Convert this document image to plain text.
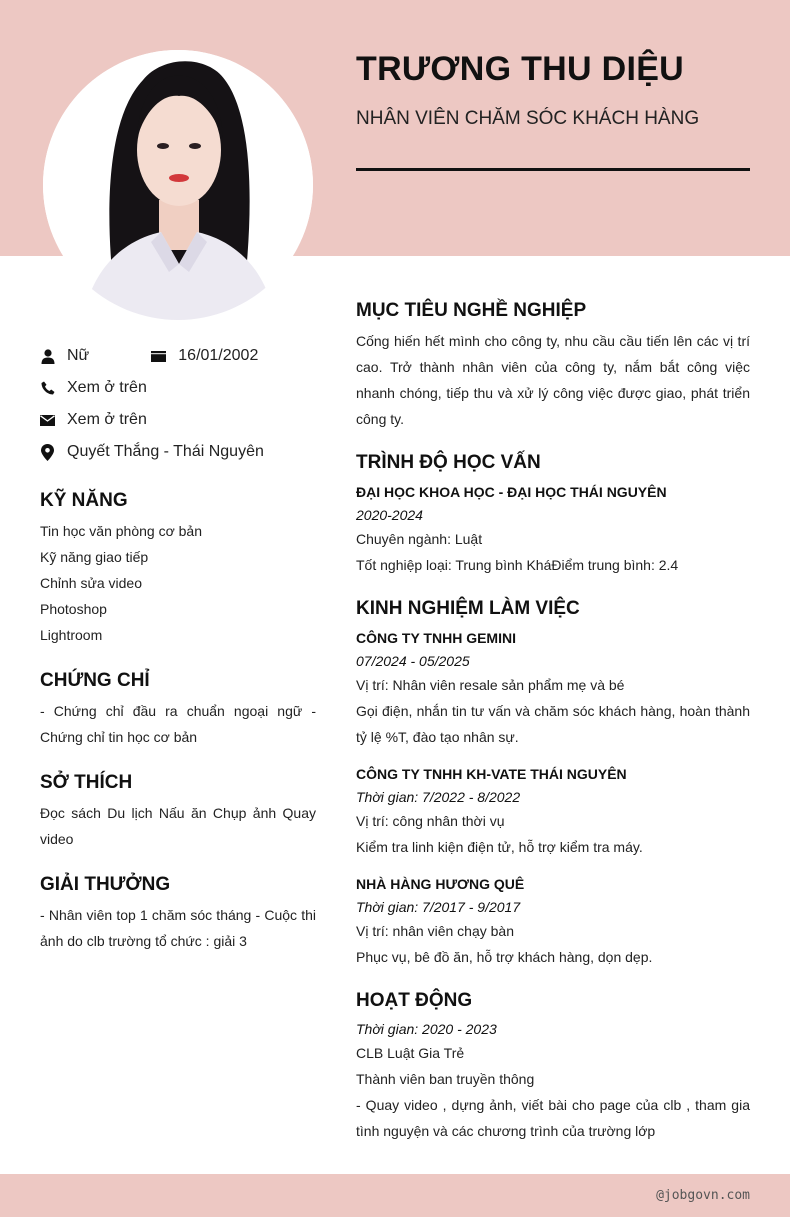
TRƯƠNG THU DIỆU
NHÂN VIÊN CHĂM SÓC KHÁCH HÀNG
Nữ	16/01/2002
Xem ở trên
Xem ở trên
Quyết Thắng - Thái Nguyên
KỸ NĂNG
Tin học văn phòng cơ bản
Kỹ năng giao tiếp
Chỉnh sửa video
Photoshop
Lightroom
CHỨNG CHỈ
- Chứng chỉ đầu ra chuẩn ngoại ngữ - Chứng chỉ tin học cơ bản
SỞ THÍCH
Đọc sách Du lịch Nấu ăn Chụp ảnh Quay video
GIẢI THƯỞNG
- Nhân viên top 1 chăm sóc tháng - Cuộc thi ảnh do clb trường tổ chức : giải 3
MỤC TIÊU NGHỀ NGHIỆP
Cống hiến hết mình cho công ty, nhu cầu cầu tiến lên các vị trí cao. Trở thành nhân viên của công ty, nắm bắt công việc nhanh chóng, tiếp thu và xử lý công việc được giao, phát triển công ty.
TRÌNH ĐỘ HỌC VẤN
ĐẠI HỌC KHOA HỌC - ĐẠI HỌC THÁI NGUYÊN
2020-2024
Chuyên ngành: Luật
Tốt nghiệp loại: Trung bình KháĐiểm trung bình: 2.4
KINH NGHIỆM LÀM VIỆC
CÔNG TY TNHH GEMINI
07/2024 - 05/2025
Vị trí: Nhân viên resale sản phẩm mẹ và bé
Gọi điện, nhắn tin tư vấn và chăm sóc khách hàng, hoàn thành tỷ lệ %T, đào tạo nhân sự.
CÔNG TY TNHH KH-VATE THÁI NGUYÊN
Thời gian: 7/2022 - 8/2022
Vị trí: công nhân thời vụ
Kiểm tra linh kiện điện tử, hỗ trợ kiểm tra máy.
NHÀ HÀNG HƯƠNG QUÊ
Thời gian: 7/2017 - 9/2017
Vị trí: nhân viên chạy bàn
Phục vụ, bê đồ ăn, hỗ trợ khách hàng, dọn dẹp.
HOẠT ĐỘNG
Thời gian: 2020 - 2023
CLB Luật Gia Trẻ
Thành viên ban truyền thông
- Quay video , dựng ảnh, viết bài cho page của clb , tham gia tình nguyện và các chương trình của trường lớp
@jobgovn.com
